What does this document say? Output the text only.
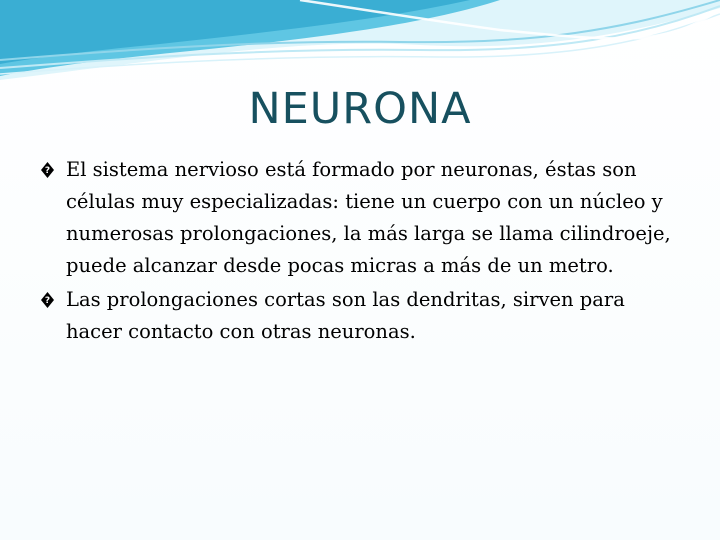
NEURONA
? El sistema nervioso está formado por neuronas, éstas son células muy especializadas: tiene un cuerpo con un núcleo y numerosas prolongaciones, la más larga se llama cilindroeje, puede alcanzar desde pocas micras a más de un metro.
? Las prolongaciones cortas son las dendritas, sirven para hacer contacto con otras neuronas.
